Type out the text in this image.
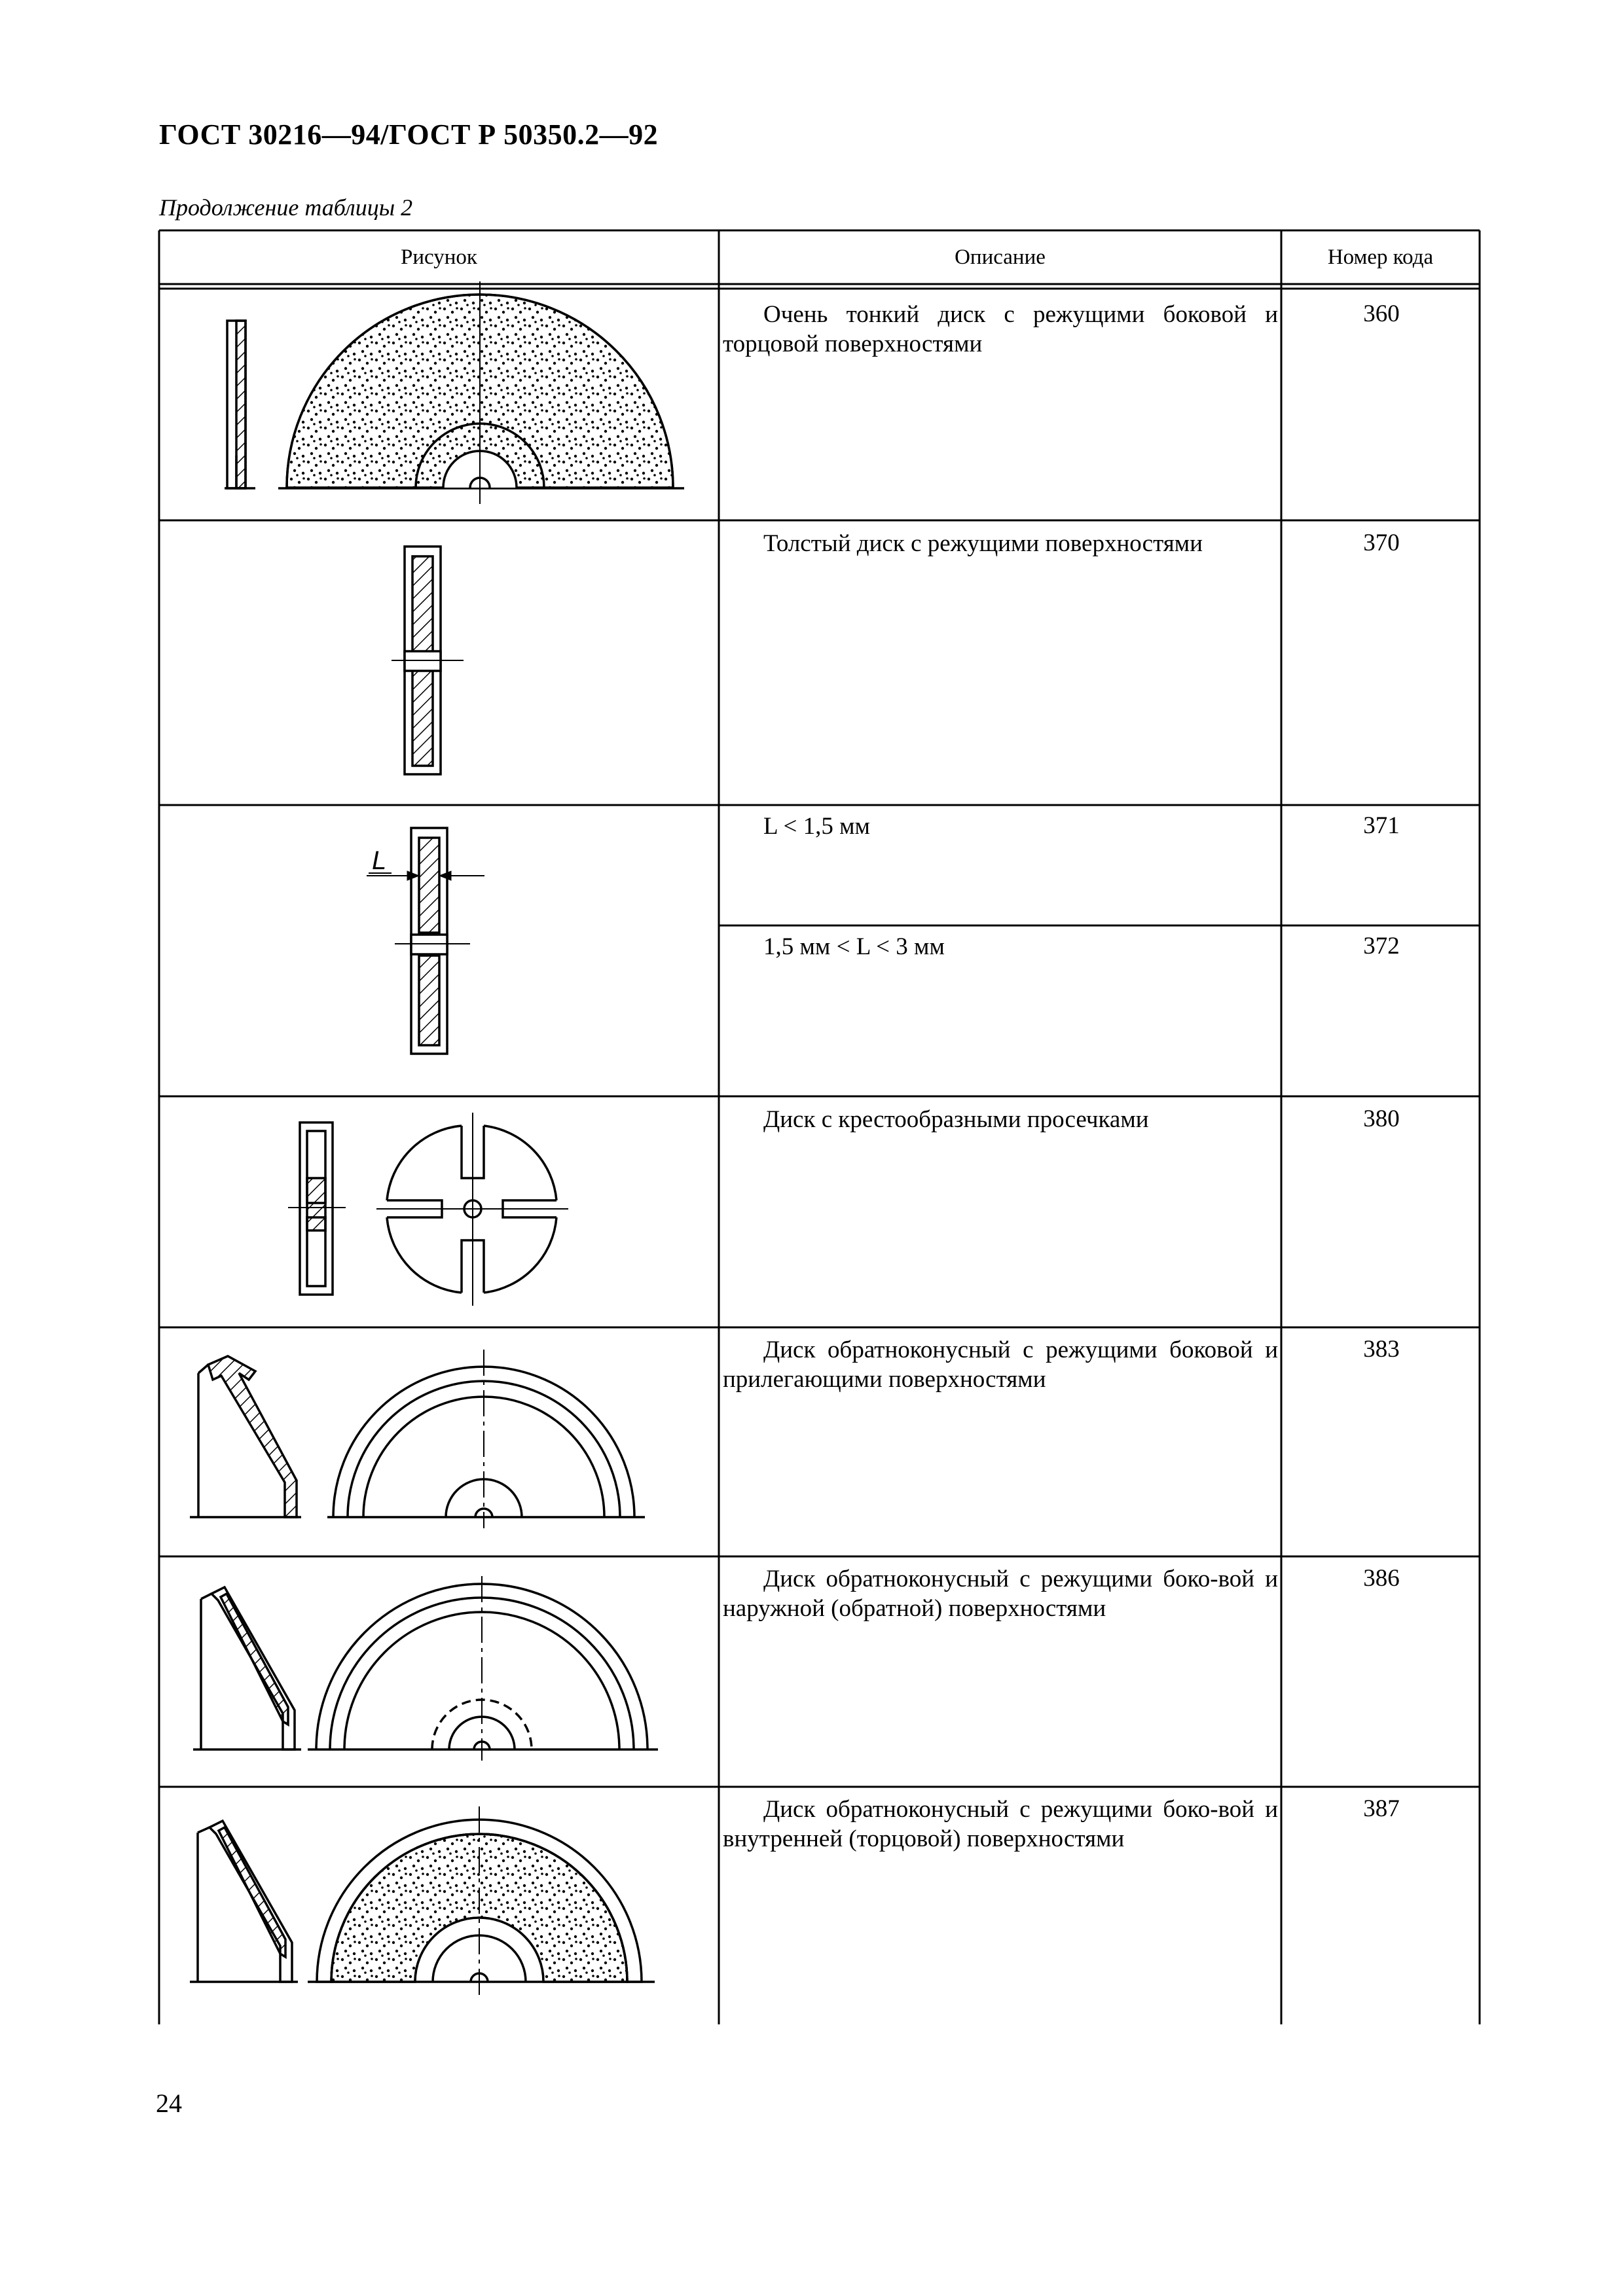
ГОСТ 30216—94/ГОСТ Р 50350.2—92
Продолжение таблицы 2
Рисунок	Описание	Номер кода
Очень тонкий диск с режущими боковой и торцовой поверхностями
Толстый диск с режущими поверхностями
L < 1,5 мм
1,5 мм < L < 3 мм
Диск с крестообразными просечками
Диск обратноконусный с режущими боковой и прилегающими поверхностями
Диск обратноконусный с режущими боко-вой и наружной (обратной) поверхностями
Диск обратноконусный с режущими боко-вой и внутренней (торцовой) поверхностями
360
370
371
372
380
383
386
387
L
24
